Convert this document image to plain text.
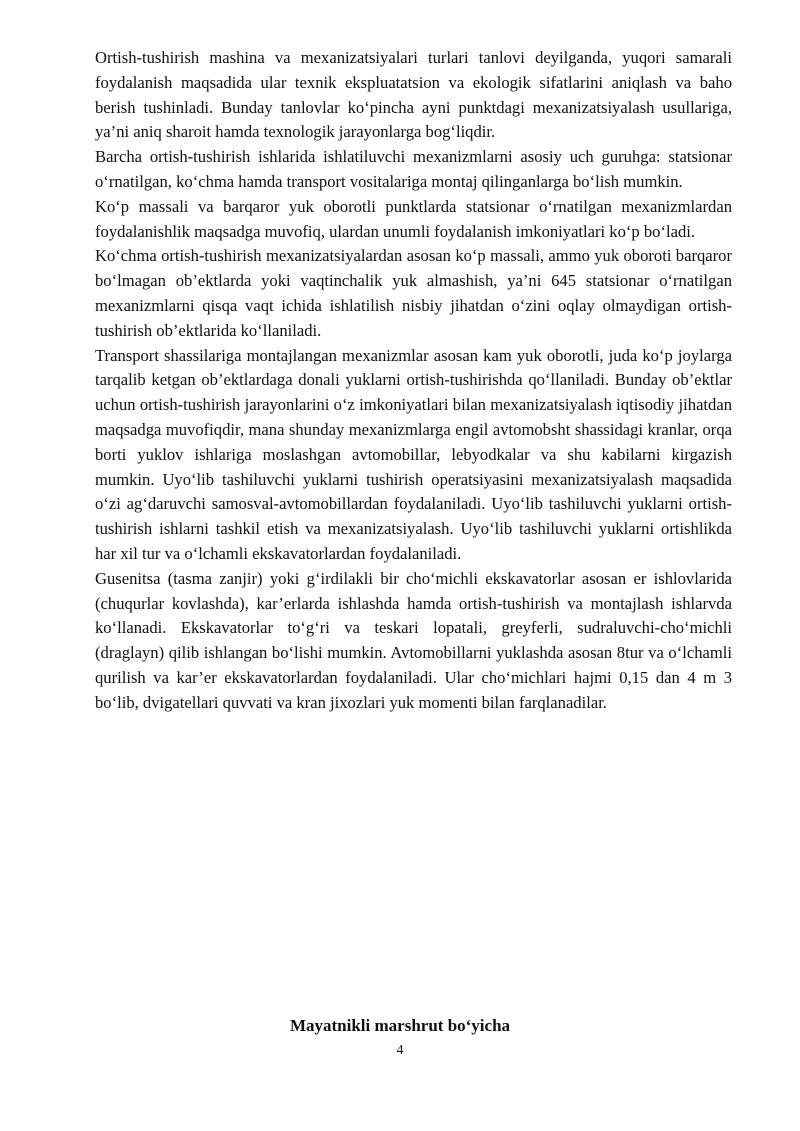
Ortish-tushirish mashina va mexanizatsiyalari turlari tanlovi deyilganda, yuqori samarali foydalanish maqsadida ular texnik ekspluatatsion va ekologik sifatlarini aniqlash va baho berish tushinladi. Bunday tanlovlar ko‘pincha ayni punktdagi mexanizatsiyalash usullariga, ya’ni aniq sharoit hamda texnologik jarayonlarga bog‘liqdir.

Barcha ortish-tushirish ishlarida ishlatiluvchi mexanizmlarni asosiy uch guruhga: statsionar o‘rnatilgan, ko‘chma hamda transport vositalariga montaj qilinganlarga bo‘lish mumkin.

Ko‘p massali va barqaror yuk oborotli punktlarda statsionar o‘rnatilgan mexanizmlardan foydalanishlik maqsadga muvofiq, ulardan unumli foydalanish imkoniyatlari ko‘p bo‘ladi.

Ko‘chma ortish-tushirish mexanizatsiyalardan asosan ko‘p massali, ammo yuk oboroti barqaror bo‘lmagan ob’ektlarda yoki vaqtinchalik yuk almashish, ya’ni 645 statsionar o‘rnatilgan mexanizmlarni qisqa vaqt ichida ishlatilish nisbiy jihatdan o‘zini oqlay olmaydigan ortish-tushirish ob’ektlarida ko‘llaniladi.

Transport shassilariga montajlangan mexanizmlar asosan kam yuk oborotli, juda ko‘p joylarga tarqalib ketgan ob’ektlardaga donali yuklarni ortish-tushirishda qo‘llaniladi. Bunday ob’ektlar uchun ortish-tushirish jarayonlarini o‘z imkoniyatlari bilan mexanizatsiyalash iqtisodiy jihatdan maqsadga muvofiqdir, mana shunday mexanizmlarga engil avtomobsht shassidagi kranlar, orqa borti yuklov ishlariga moslashgan avtomobillar, lebyodkalar va shu kabilarni kirgazish mumkin. Uyo‘lib tashiluvchi yuklarni tushirish operatsiyasini mexanizatsiyalash maqsadida o‘zi ag‘daruvchi samosval-avtomobillardan foydalaniladi. Uyo‘lib tashiluvchi yuklarni ortish-tushirish ishlarni tashkil etish va mexanizatsiyalash. Uyo‘lib tashiluvchi yuklarni ortishlikda har xil tur va o‘lchamli ekskavatorlardan foydalaniladi.

Gusenitsa (tasma zanjir) yoki g‘irdilakli bir cho‘michli ekskavatorlar asosan er ishlovlarida (chuqurlar kovlashda), kar’erlarda ishlashda hamda ortish-tushirish va montajlash ishlarvda ko‘llanadi. Ekskavatorlar to‘g‘ri va teskari lopatali, greyferli, sudraluvchi-cho‘michli (draglayn) qilib ishlangan bo‘lishi mumkin. Avtomobillarni yuklashda asosan 8tur va o‘lchamli qurilish va kar’er ekskavatorlardan foydalaniladi. Ular cho‘michlari hajmi 0,15 dan 4 m 3 bo‘lib, dvigatellari quvvati va kran jixozlari yuk momenti bilan farqlanadilar.

Mayatnikli marshrut bo‘yicha
4
